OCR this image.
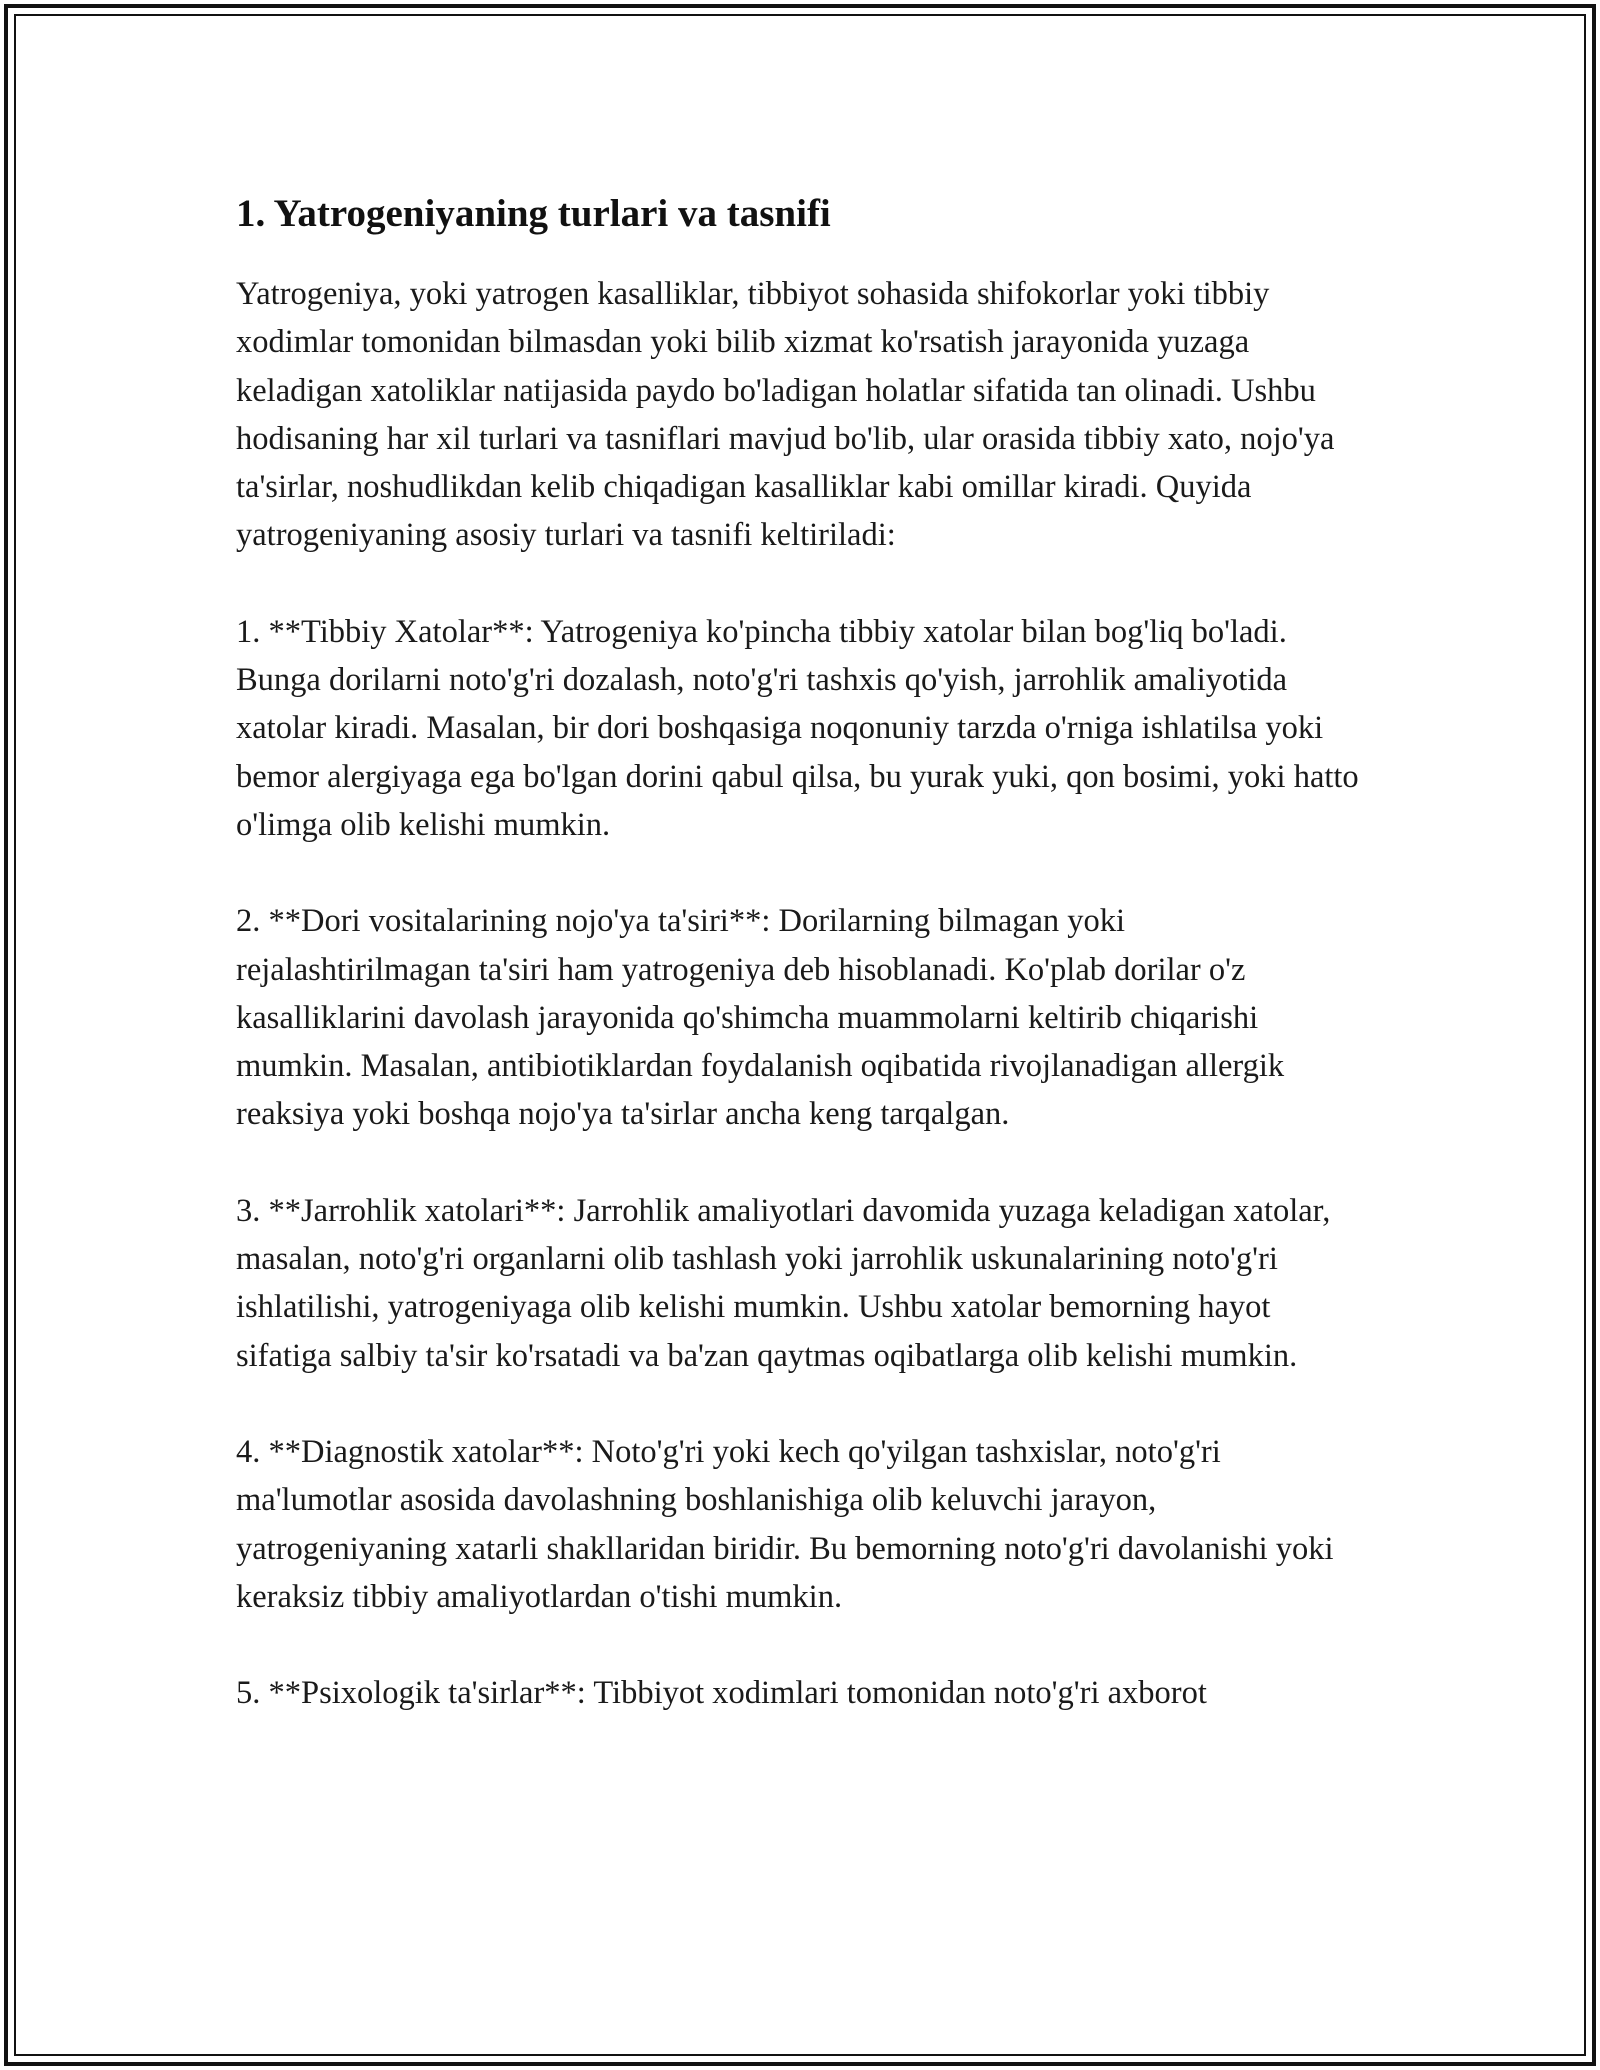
1. Yatrogeniyaning turlari va tasnifi

Yatrogeniya, yoki yatrogen kasalliklar, tibbiyot sohasida shifokorlar yoki tibbiy xodimlar tomonidan bilmasdan yoki bilib xizmat ko'rsatish jarayonida yuzaga keladigan xatoliklar natijasida paydo bo'ladigan holatlar sifatida tan olinadi. Ushbu hodisaning har xil turlari va tasniflari mavjud bo'lib, ular orasida tibbiy xato, nojo'ya ta'sirlar, noshudlikdan kelib chiqadigan kasalliklar kabi omillar kiradi. Quyida yatrogeniyaning asosiy turlari va tasnifi keltiriladi:

1. **Tibbiy Xatolar**: Yatrogeniya ko'pincha tibbiy xatolar bilan bog'liq bo'ladi. Bunga dorilarni noto'g'ri dozalash, noto'g'ri tashxis qo'yish, jarrohlik amaliyotida xatolar kiradi. Masalan, bir dori boshqasiga noqonuniy tarzda o'rniga ishlatilsa yoki bemor alergiyaga ega bo'lgan dorini qabul qilsa, bu yurak yuki, qon bosimi, yoki hatto o'limga olib kelishi mumkin.

2. **Dori vositalarining nojo'ya ta'siri**: Dorilarning bilmagan yoki rejalashtirilmagan ta'siri ham yatrogeniya deb hisoblanadi. Ko'plab dorilar o'z kasalliklarini davolash jarayonida qo'shimcha muammolarni keltirib chiqarishi mumkin. Masalan, antibiotiklardan foydalanish oqibatida rivojlanadigan allergik reaksiya yoki boshqa nojo'ya ta'sirlar ancha keng tarqalgan.

3. **Jarrohlik xatolari**: Jarrohlik amaliyotlari davomida yuzaga keladigan xatolar, masalan, noto'g'ri organlarni olib tashlash yoki jarrohlik uskunalarining noto'g'ri ishlatilishi, yatrogeniyaga olib kelishi mumkin. Ushbu xatolar bemorning hayot sifatiga salbiy ta'sir ko'rsatadi va ba'zan qaytmas oqibatlarga olib kelishi mumkin.

4. **Diagnostik xatolar**: Noto'g'ri yoki kech qo'yilgan tashxislar, noto'g'ri ma'lumotlar asosida davolashning boshlanishiga olib keluvchi jarayon, yatrogeniyaning xatarli shakllaridan biridir. Bu bemorning noto'g'ri davolanishi yoki keraksiz tibbiy amaliyotlardan o'tishi mumkin.

5. **Psixologik ta'sirlar**: Tibbiyot xodimlari tomonidan noto'g'ri axborot
